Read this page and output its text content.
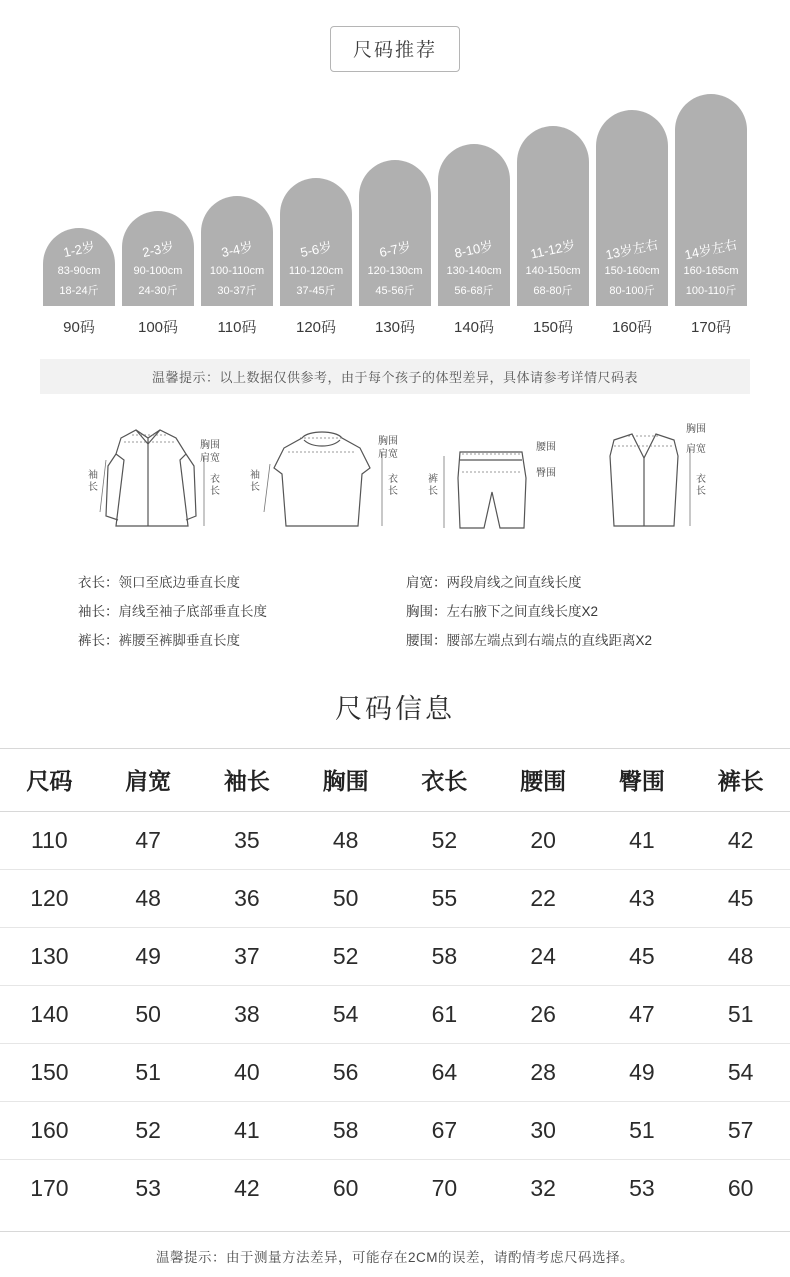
尺码推荐
1-2岁
83-90cm
18-24斤
90码
2-3岁
90-100cm
24-30斤
100码
3-4岁
100-110cm
30-37斤
110码
5-6岁
110-120cm
37-45斤
120码
6-7岁
120-130cm
45-56斤
130码
8-10岁
130-140cm
56-68斤
140码
11-12岁
140-150cm
68-80斤
150码
13岁左右
150-160cm
80-100斤
160码
14岁左右
160-165cm
100-110斤
170码
温馨提示：以上数据仅供参考，由于每个孩子的体型差异，具体请参考详情尺码表
胸围
肩宽
袖
长
衣
长
胸围
肩宽
袖
长
衣
长
腰围
臀围
裤
长
胸围
肩宽
衣
长
衣长：领口至底边垂直长度
袖长：肩线至袖子底部垂直长度
裤长：裤腰至裤脚垂直长度
肩宽：两段肩线之间直线长度
胸围：左右腋下之间直线长度X2
腰围：腰部左端点到右端点的直线距离X2
尺码信息
尺码	肩宽	袖长	胸围	衣长	腰围	臀围	裤长
110	47	35	48	52	20	41	42
120	48	36	50	55	22	43	45
130	49	37	52	58	24	45	48
140	50	38	54	61	26	47	51
150	51	40	56	64	28	49	54
160	52	41	58	67	30	51	57
170	53	42	60	70	32	53	60
温馨提示：由于测量方法差异，可能存在2CM的误差，请酌情考虑尺码选择。
